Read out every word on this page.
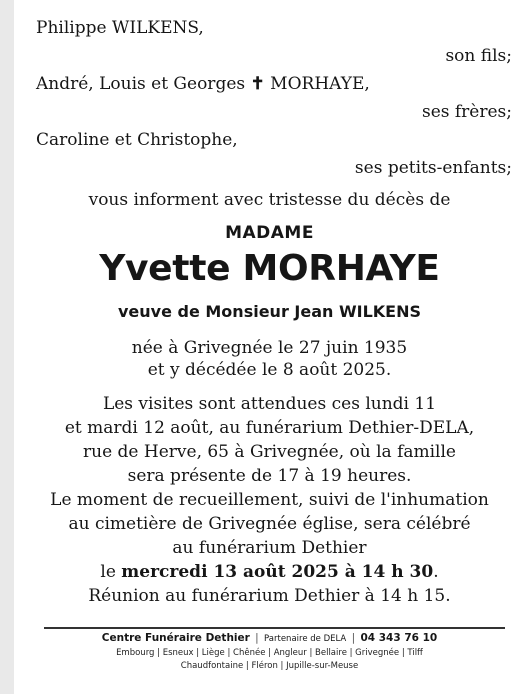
Philippe WILKENS,
son fils;
André, Louis et Georges ✝ MORHAYE,
ses frères;
Caroline et Christophe,
ses petits-enfants;
vous informent avec tristesse du décès de
MADAME
Yvette MORHAYE
veuve de Monsieur Jean WILKENS
née à Grivegnée le 27 juin 1935
et y décédée le 8 août 2025.
Les visites sont attendues ces lundi 11
et mardi 12 août, au funérarium Dethier-DELA,
rue de Herve, 65 à Grivegnée, où la famille
sera présente de 17 à 19 heures.
Le moment de recueillement, suivi de l'inhumation
au cimetière de Grivegnée église, sera célébré
au funérarium Dethier
le mercredi 13 août 2025 à 14 h 30.
Réunion au funérarium Dethier à 14 h 15.
Centre Funéraire Dethier | Partenaire de DELA | 04 343 76 10
Embourg | Esneux | Liège | Chênée | Angleur | Bellaire | Grivegnée | Tilff
Chaudfontaine | Fléron | Jupille-sur-Meuse
